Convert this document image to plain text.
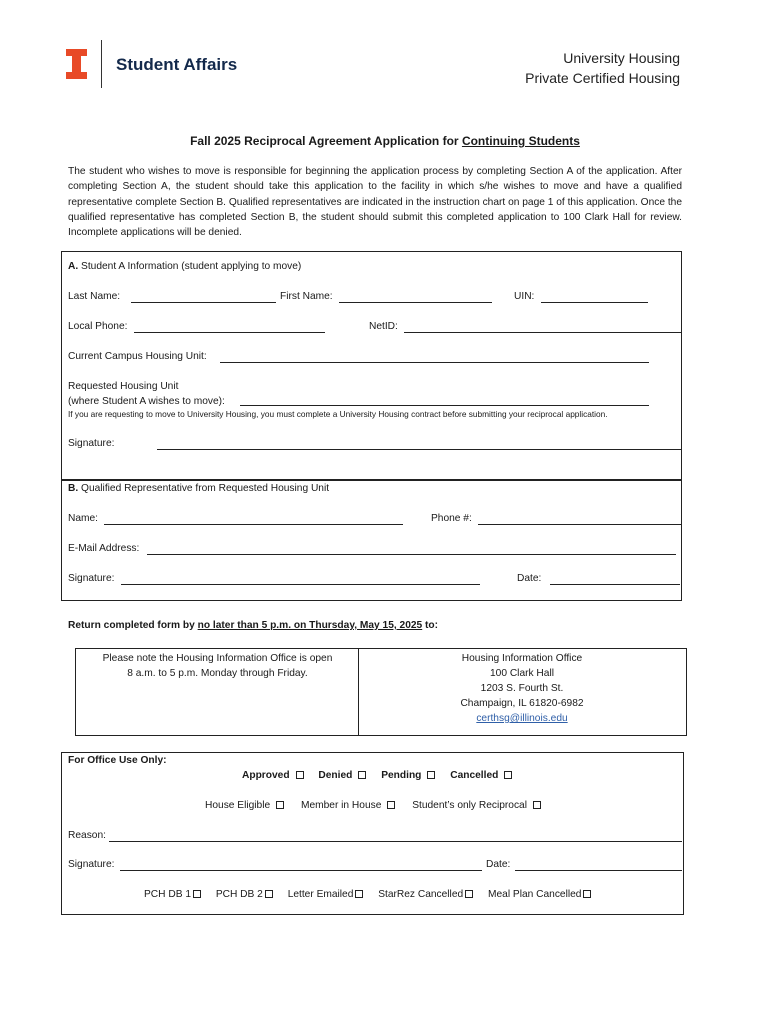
Student Affairs	University Housing
Private Certified Housing
Fall 2025 Reciprocal Agreement Application for Continuing Students
The student who wishes to move is responsible for beginning the application process by completing Section A of the application. After completing Section A, the student should take this application to the facility in which s/he wishes to move and have a qualified representative complete Section B. Qualified representatives are indicated in the instruction chart on page 1 of this application. Once the qualified representative has completed Section B, the student should submit this completed application to 100 Clark Hall for review. Incomplete applications will be denied.
A. Student A Information (student applying to move)
Last Name:	First Name:	UIN:
Local Phone:	NetID:
Current Campus Housing Unit:
Requested Housing Unit
(where Student A wishes to move):
If you are requesting to move to University Housing, you must complete a University Housing contract before submitting your reciprocal application.
Signature:
B. Qualified Representative from Requested Housing Unit
Name:	Phone #:
E-Mail Address:
Signature:	Date:
Return completed form by no later than 5 p.m. on Thursday, May 15, 2025 to:
Please note the Housing Information Office is open
8 a.m. to 5 p.m. Monday through Friday.
Housing Information Office
100 Clark Hall
1203 S. Fourth St.
Champaign, IL 61820-6982
certhsg@illinois.edu
For Office Use Only:
Approved	Denied	Pending	Cancelled
House Eligible	Member in House	Student’s only Reciprocal
Reason:
Signature:	Date:
PCH DB 1 PCH DB 2 Letter Emailed StarRez Cancelled Meal Plan Cancelled
